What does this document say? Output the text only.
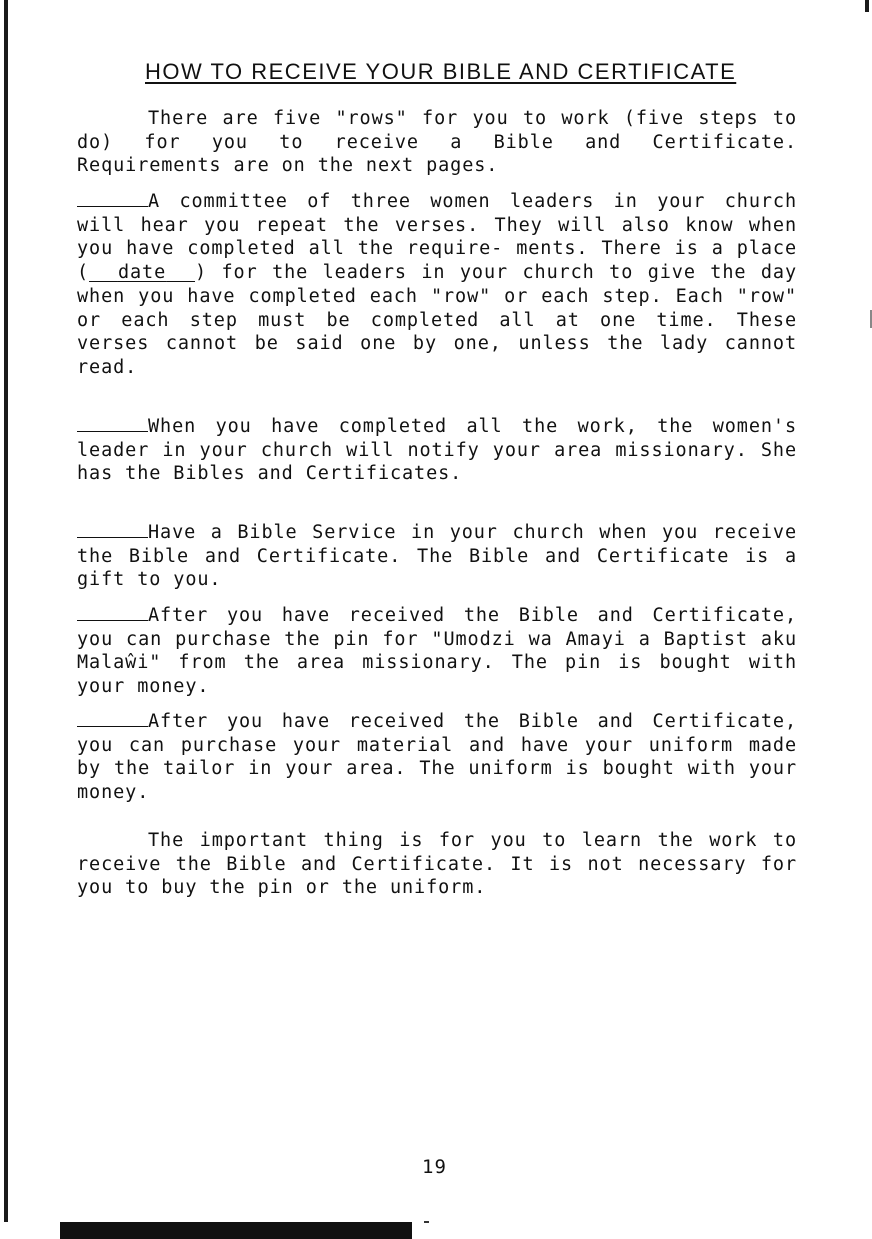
HOW TO RECEIVE YOUR BIBLE AND CERTIFICATE

There are five "rows" for you to work (five steps to do) for you to receive a Bible and Certificate. Requirements are on the next pages.

A committee of three women leaders in your church will hear you repeat the verses. They will also know when you have completed all the require- ments. There is a place ( date ) for the leaders in your church to give the day when you have completed each "row" or each step. Each "row" or each step must be completed all at one time. These verses cannot be said one by one, unless the lady cannot read.

When you have completed all the work, the women's leader in your church will notify your area missionary. She has the Bibles and Certificates.

Have a Bible Service in your church when you receive the Bible and Certificate. The Bible and Certificate is a gift to you.

After you have received the Bible and Certificate, you can purchase the pin for "Umodzi wa Amayi a Baptist aku Malaŵi" from the area missionary. The pin is bought with your money.

After you have received the Bible and Certificate, you can purchase your material and have your uniform made by the tailor in your area. The uniform is bought with your money.

The important thing is for you to learn the work to receive the Bible and Certificate. It is not necessary for you to buy the pin or the uniform.

19
